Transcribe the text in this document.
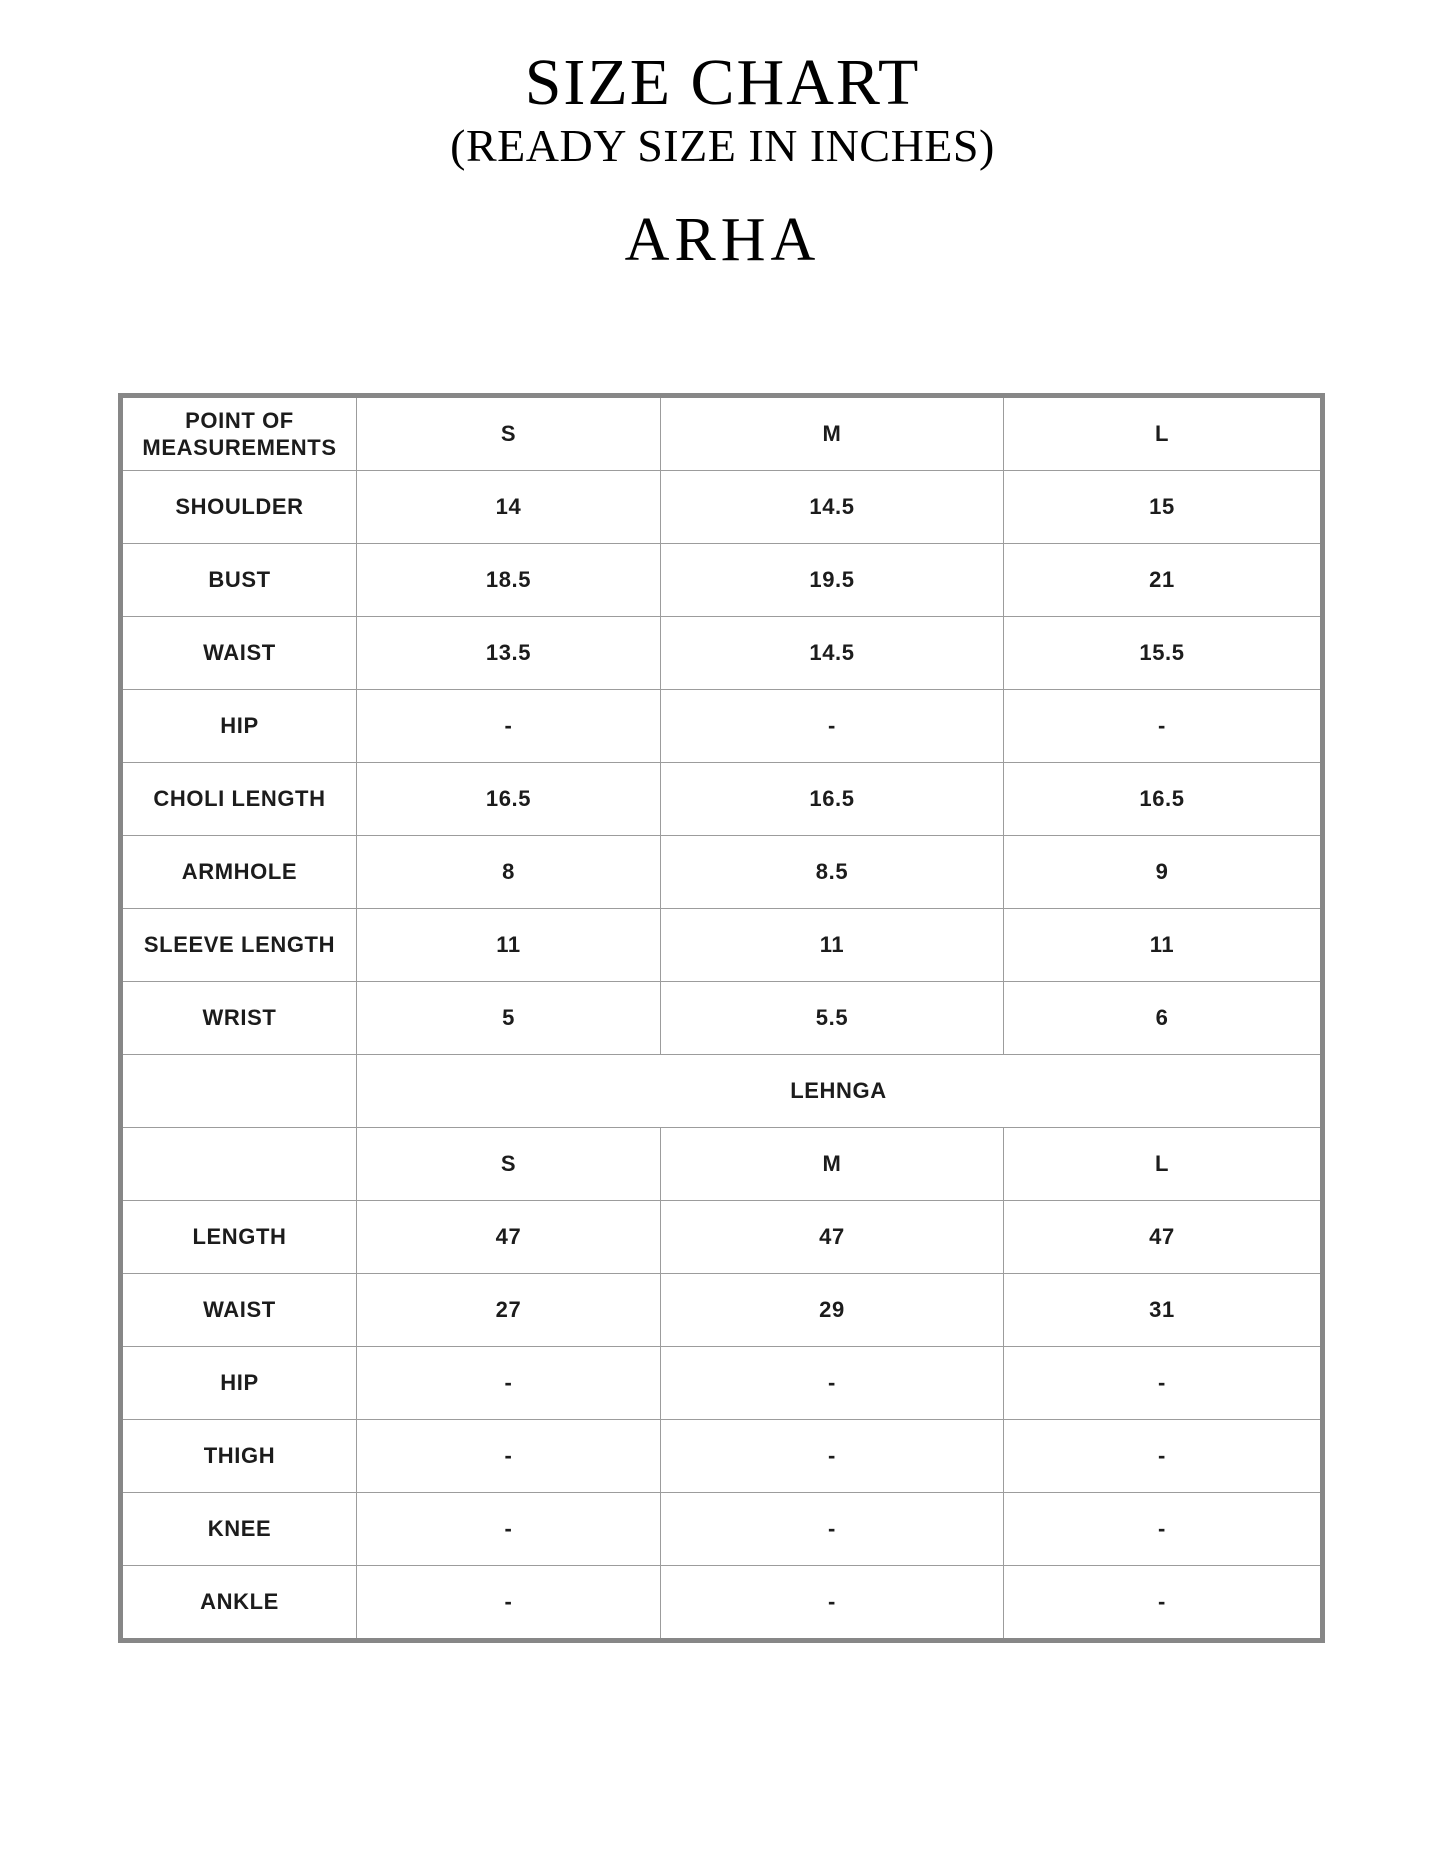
SIZE CHART
(READY SIZE IN INCHES)
ARHA
POINT OF
MEASUREMENTS	S	M	L
SHOULDER	14	14.5	15
BUST	18.5	19.5	21
WAIST	13.5	14.5	15.5
HIP	-	-	-
CHOLI LENGTH	16.5	16.5	16.5
ARMHOLE	8	8.5	9
SLEEVE LENGTH	11	11	11
WRIST	5	5.5	6
	LEHNGA		
	S	M	L
LENGTH	47	47	47
WAIST	27	29	31
HIP	-	-	-
THIGH	-	-	-
KNEE	-	-	-
ANKLE	-	-	-
